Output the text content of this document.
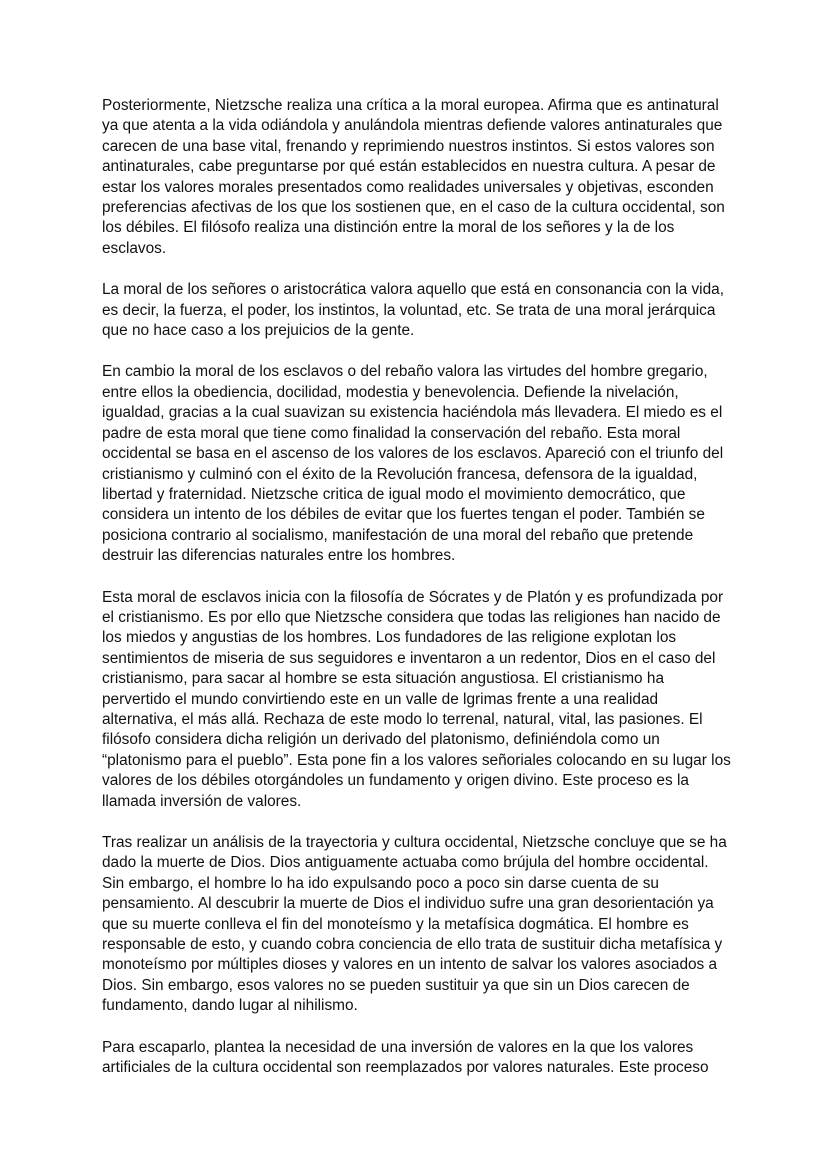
Posteriormente, Nietzsche realiza una crítica a la moral europea. Afirma que es antinatural ya que atenta a la vida odiándola y anulándola mientras defiende valores antinaturales que carecen de una base vital, frenando y reprimiendo nuestros instintos. Si estos valores son antinaturales, cabe preguntarse por qué están establecidos en nuestra cultura. A pesar de estar los valores morales presentados como realidades universales y objetivas, esconden preferencias afectivas de los que los sostienen que, en el caso de la cultura occidental, son los débiles. El filósofo realiza una distinción entre la moral de los señores y la de los esclavos.

La moral de los señores o aristocrática valora aquello que está en consonancia con la vida, es decir, la fuerza, el poder, los instintos, la voluntad, etc. Se trata de una moral jerárquica que no hace caso a los prejuicios de la gente.

En cambio la moral de los esclavos o del rebaño valora las virtudes del hombre gregario, entre ellos la obediencia, docilidad, modestia y benevolencia. Defiende la nivelación, igualdad, gracias a la cual suavizan su existencia haciéndola más llevadera. El miedo es el padre de esta moral que tiene como finalidad la conservación del rebaño. Esta moral occidental se basa en el ascenso de los valores de los esclavos. Apareció con el triunfo del cristianismo y culminó con el éxito de la Revolución francesa, defensora de la igualdad, libertad y fraternidad. Nietzsche critica de igual modo el movimiento democrático, que considera un intento de los débiles de evitar que los fuertes tengan el poder. También se posiciona contrario al socialismo, manifestación de una moral del rebaño que pretende destruir las diferencias naturales entre los hombres.

Esta moral de esclavos inicia con la filosofía de Sócrates y de Platón y es profundizada por el cristianismo. Es por ello que Nietzsche considera que todas las religiones han nacido de los miedos y angustias de los hombres. Los fundadores de las religione explotan los sentimientos de miseria de sus seguidores e inventaron a un redentor, Dios en el caso del cristianismo, para sacar al hombre se esta situación angustiosa. El cristianismo ha pervertido el mundo convirtiendo este en un valle de lgrimas frente a una realidad alternativa, el más allá. Rechaza de este modo lo terrenal, natural, vital, las pasiones. El filósofo considera dicha religión un derivado del platonismo, definiéndola como un “platonismo para el pueblo”. Esta pone fin a los valores señoriales colocando en su lugar los valores de los débiles otorgándoles un fundamento y origen divino. Este proceso es la llamada inversión de valores.

Tras realizar un análisis de la trayectoria y cultura occidental, Nietzsche concluye que se ha dado la muerte de Dios. Dios antiguamente actuaba como brújula del hombre occidental. Sin embargo, el hombre lo ha ido expulsando poco a poco sin darse cuenta de su pensamiento. Al descubrir la muerte de Dios el individuo sufre una gran desorientación ya que su muerte conlleva el fin del monoteísmo y la metafísica dogmática. El hombre es responsable de esto, y cuando cobra conciencia de ello trata de sustituir dicha metafísica y monoteísmo por múltiples dioses y valores en un intento de salvar los valores asociados a Dios. Sin embargo, esos valores no se pueden sustituir ya que sin un Dios carecen de fundamento, dando lugar al nihilismo.

Para escaparlo, plantea la necesidad de una inversión de valores en la que los valores artificiales de la cultura occidental son reemplazados por valores naturales. Este proceso
